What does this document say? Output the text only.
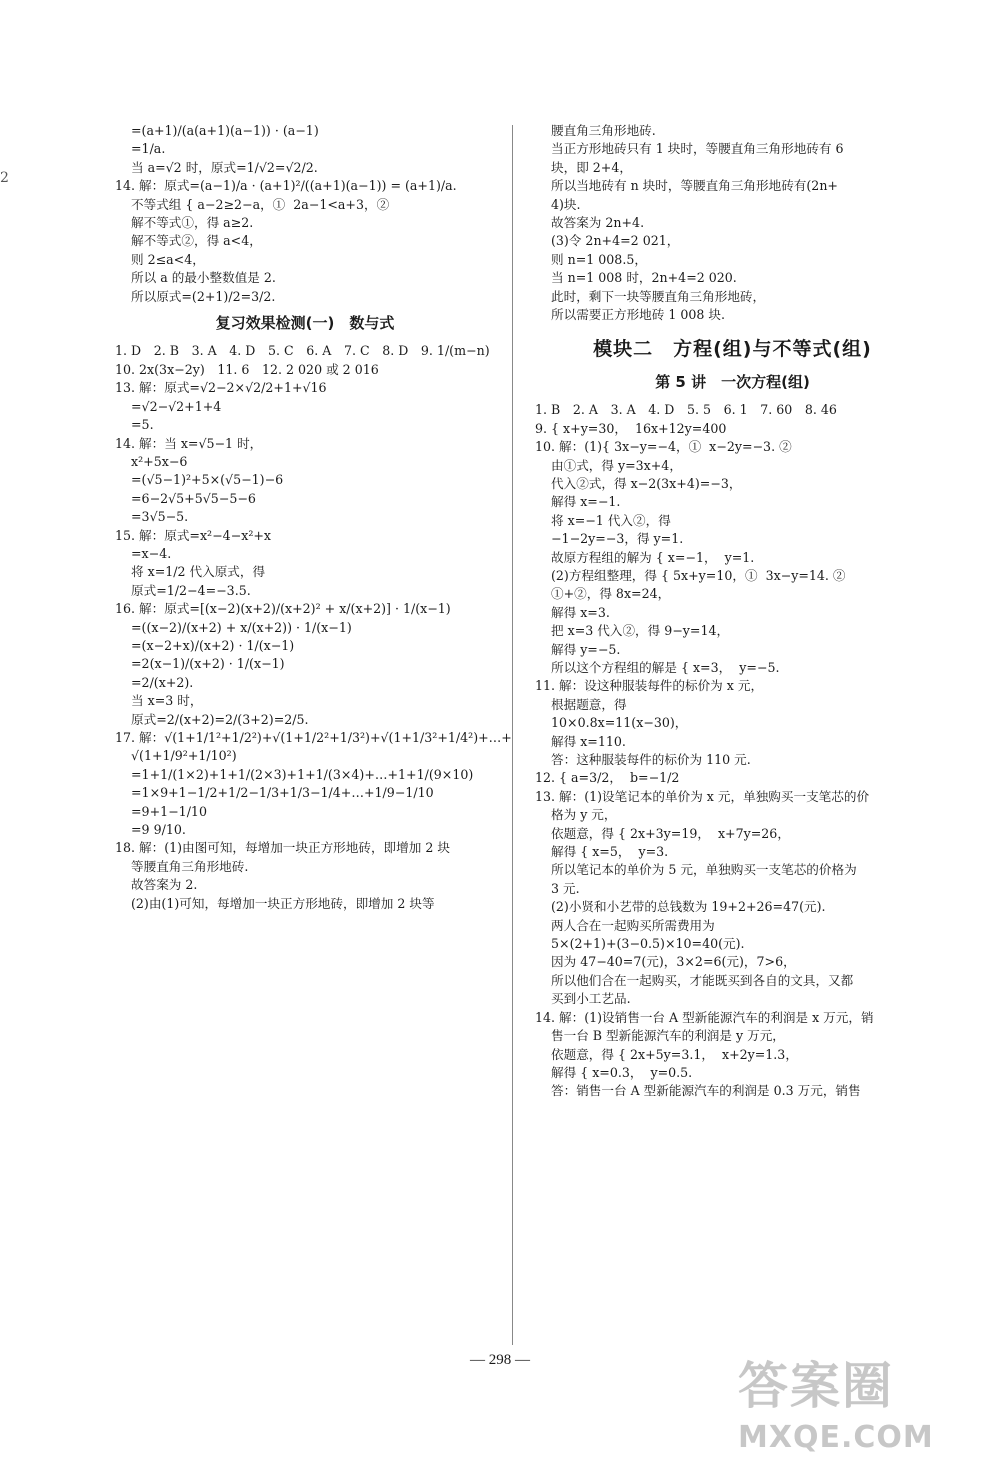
2
=(a+1)/(a(a+1)(a−1)) · (a−1)
=1/a.
当 a=√2 时，原式=1/√2=√2/2.
14. 解：原式=(a−1)/a · (a+1)²/((a+1)(a−1)) = (a+1)/a.
不等式组 { a−2≥2−a，①  2a−1<a+3，②
解不等式①，得 a≥2.
解不等式②，得 a<4，
则 2≤a<4，
所以 a 的最小整数值是 2.
所以原式=(2+1)/2=3/2.
复习效果检测(一)　数与式
1. D　2. B　3. A　4. D　5. C　6. A　7. C　8. D　9. 1/(m−n)
10. 2x(3x−2y)　11. 6　12. 2 020 或 2 016
13. 解：原式=√2−2×√2/2+1+√16
=√2−√2+1+4
=5.
14. 解：当 x=√5−1 时，
x²+5x−6
=(√5−1)²+5×(√5−1)−6
=6−2√5+5√5−5−6
=3√5−5.
15. 解：原式=x²−4−x²+x
=x−4.
将 x=1/2 代入原式，得
原式=1/2−4=−3.5.
16. 解：原式=[(x−2)(x+2)/(x+2)² + x/(x+2)] · 1/(x−1)
=((x−2)/(x+2) + x/(x+2)) · 1/(x−1)
=(x−2+x)/(x+2) · 1/(x−1)
=2(x−1)/(x+2) · 1/(x−1)
=2/(x+2).
当 x=3 时，
原式=2/(x+2)=2/(3+2)=2/5.
17. 解：√(1+1/1²+1/2²)+√(1+1/2²+1/3²)+√(1+1/3²+1/4²)+…+
√(1+1/9²+1/10²)
=1+1/(1×2)+1+1/(2×3)+1+1/(3×4)+…+1+1/(9×10)
=1×9+1−1/2+1/2−1/3+1/3−1/4+…+1/9−1/10
=9+1−1/10
=9 9/10.
18. 解：(1)由图可知，每增加一块正方形地砖，即增加 2 块
等腰直角三角形地砖.
故答案为 2.
(2)由(1)可知，每增加一块正方形地砖，即增加 2 块等
腰直角三角形地砖.
当正方形地砖只有 1 块时，等腰直角三角形地砖有 6
块，即 2+4，
所以当地砖有 n 块时，等腰直角三角形地砖有(2n+
4)块.
故答案为 2n+4.
(3)令 2n+4=2 021，
则 n=1 008.5，
当 n=1 008 时，2n+4=2 020.
此时，剩下一块等腰直角三角形地砖，
所以需要正方形地砖 1 008 块.
模块二　方程(组)与不等式(组)
第 5 讲　一次方程(组)
1. B　2. A　3. A　4. D　5. 5　6. 1　7. 60　8. 46
9. { x+y=30，  16x+12y=400
10. 解：(1){ 3x−y=−4，①  x−2y=−3. ②
由①式，得 y=3x+4，
代入②式，得 x−2(3x+4)=−3，
解得 x=−1.
将 x=−1 代入②，得
−1−2y=−3，得 y=1.
故原方程组的解为 { x=−1，  y=1.
(2)方程组整理，得 { 5x+y=10，①  3x−y=14. ②
①+②，得 8x=24，
解得 x=3.
把 x=3 代入②，得 9−y=14，
解得 y=−5.
所以这个方程组的解是 { x=3，  y=−5.
11. 解：设这种服装每件的标价为 x 元，
根据题意，得
10×0.8x=11(x−30)，
解得 x=110.
答：这种服装每件的标价为 110 元.
12. { a=3/2，  b=−1/2
13. 解：(1)设笔记本的单价为 x 元，单独购买一支笔芯的价
格为 y 元，
依题意，得 { 2x+3y=19，  x+7y=26，
解得 { x=5，  y=3.
所以笔记本的单价为 5 元，单独购买一支笔芯的价格为
3 元.
(2)小贤和小艺带的总钱数为 19+2+26=47(元).
两人合在一起购买所需费用为
5×(2+1)+(3−0.5)×10=40(元).
因为 47−40=7(元)，3×2=6(元)，7>6，
所以他们合在一起购买，才能既买到各自的文具，又都
买到小工艺品.
14. 解：(1)设销售一台 A 型新能源汽车的利润是 x 万元，销
售一台 B 型新能源汽车的利润是 y 万元，
依题意，得 { 2x+5y=3.1，  x+2y=1.3，
解得 { x=0.3，  y=0.5.
答：销售一台 A 型新能源汽车的利润是 0.3 万元，销售
— 298 —	答案圈
MXQE.COM
